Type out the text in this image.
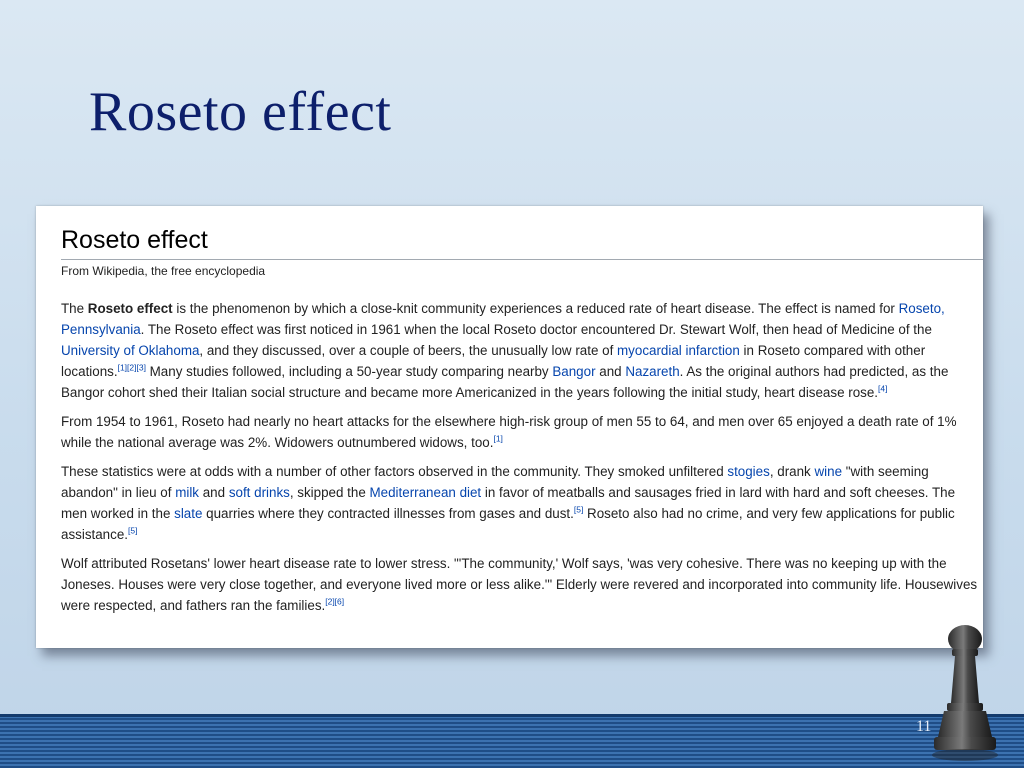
Roseto effect
Roseto effect
From Wikipedia, the free encyclopedia

The Roseto effect is the phenomenon by which a close-knit community experiences a reduced rate of heart disease. The effect is named for Roseto, Pennsylvania. The Roseto effect was first noticed in 1961 when the local Roseto doctor encountered Dr. Stewart Wolf, then head of Medicine of the University of Oklahoma, and they discussed, over a couple of beers, the unusually low rate of myocardial infarction in Roseto compared with other locations.[1][2][3] Many studies followed, including a 50-year study comparing nearby Bangor and Nazareth. As the original authors had predicted, as the Bangor cohort shed their Italian social structure and became more Americanized in the years following the initial study, heart disease rose.[4]

From 1954 to 1961, Roseto had nearly no heart attacks for the elsewhere high-risk group of men 55 to 64, and men over 65 enjoyed a death rate of 1% while the national average was 2%. Widowers outnumbered widows, too.[1]

These statistics were at odds with a number of other factors observed in the community. They smoked unfiltered stogies, drank wine "with seeming abandon" in lieu of milk and soft drinks, skipped the Mediterranean diet in favor of meatballs and sausages fried in lard with hard and soft cheeses. The men worked in the slate quarries where they contracted illnesses from gases and dust.[5] Roseto also had no crime, and very few applications for public assistance.[5]

Wolf attributed Rosetans' lower heart disease rate to lower stress. "'The community,' Wolf says, 'was very cohesive. There was no keeping up with the Joneses. Houses were very close together, and everyone lived more or less alike.'" Elderly were revered and incorporated into community life. Housewives were respected, and fathers ran the families.[2][6]

11
